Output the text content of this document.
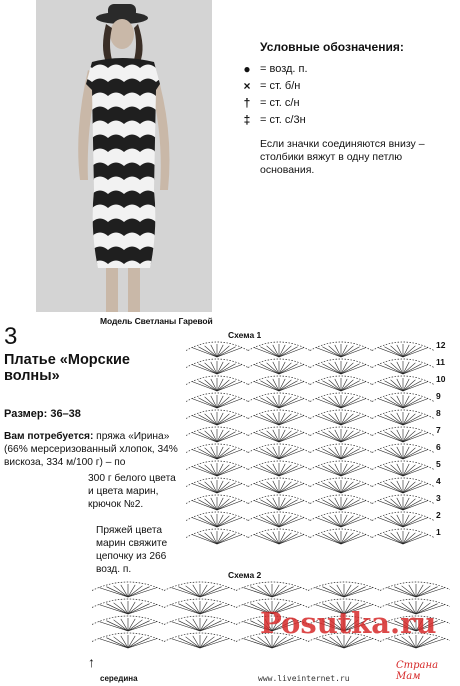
Модель Светланы Гаревой
Условные обозначения:
● = возд. п.
× = ст. б/н
† = ст. с/н
‡ = ст. с/3н
Если значки соединяются внизу – столбики вяжут в одну петлю основания.
3
Платье «Морские волны»
Размер: 36–38
Вам потребуется: пряжа «Ирина» (66% мерсеризованный хлопок, 34% вискоза, 334 м/100 г) – по
300 г белого цвета и цвета марин, крючок №2.
Пряжей цвета марин свяжите цепочку из 266 возд. п.
Схема 1
12
11
10
9
8
7
6
5
4
3
2
1
Схема 2
↑
середина
Posutka.ru
www.liveinternet.ru
Страна Мам
